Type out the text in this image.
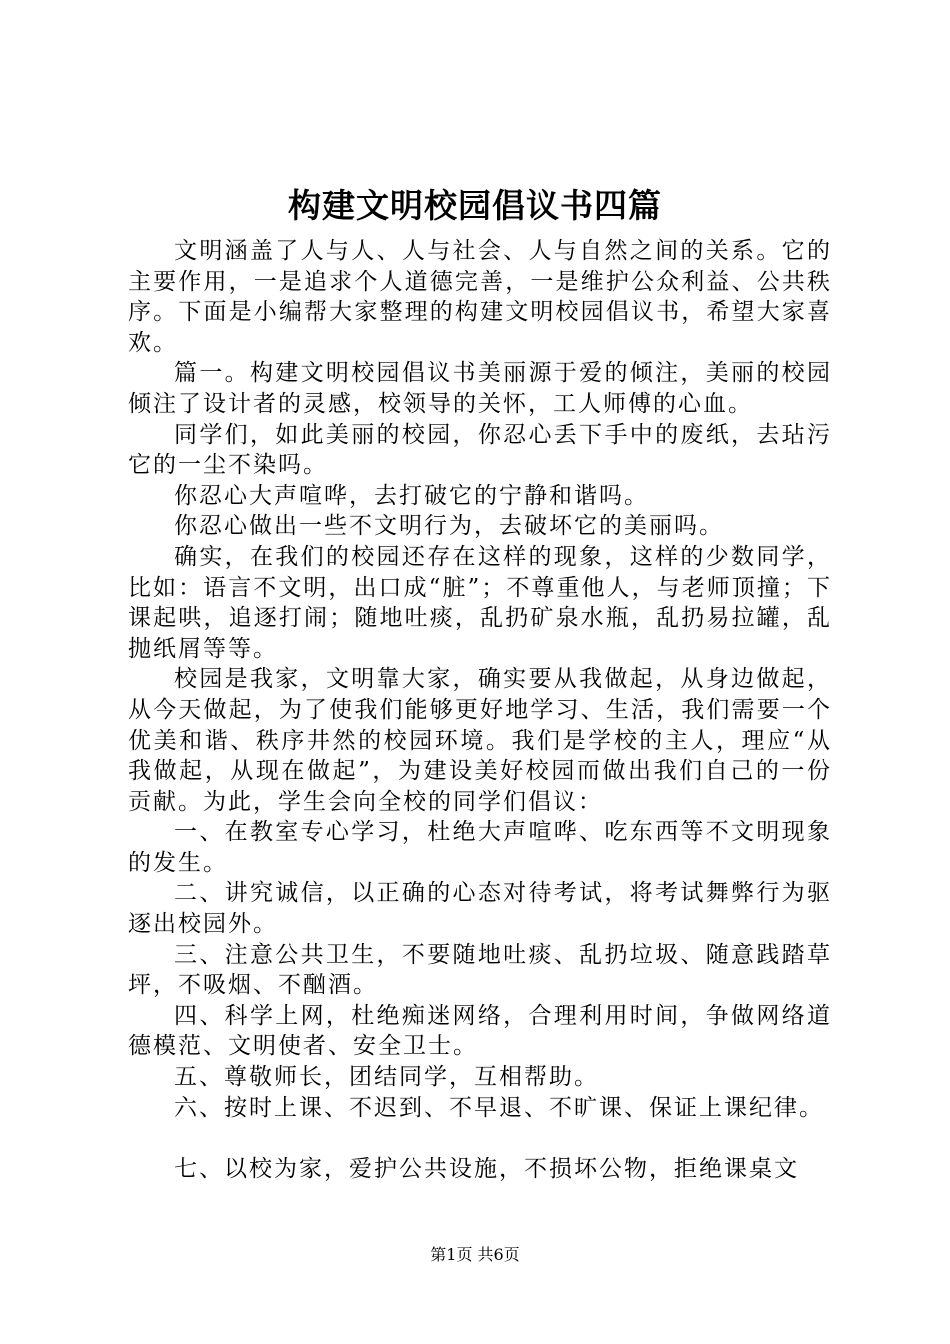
构建文明校园倡议书四篇

文明涵盖了人与人、人与社会、人与自然之间的关系。它的主要作用，一是追求个人道德完善，一是维护公众利益、公共秩序。下面是小编帮大家整理的构建文明校园倡议书，希望大家喜欢。

篇一。构建文明校园倡议书美丽源于爱的倾注，美丽的校园倾注了设计者的灵感，校领导的关怀，工人师傅的心血。

同学们，如此美丽的校园，你忍心丢下手中的废纸，去玷污它的一尘不染吗。

你忍心大声喧哗，去打破它的宁静和谐吗。

你忍心做出一些不文明行为，去破坏它的美丽吗。

确实，在我们的校园还存在这样的现象，这样的少数同学，比如：语言不文明，出口成“脏”；不尊重他人，与老师顶撞；下课起哄，追逐打闹；随地吐痰，乱扔矿泉水瓶，乱扔易拉罐，乱抛纸屑等等。

校园是我家，文明靠大家，确实要从我做起，从身边做起，从今天做起，为了使我们能够更好地学习、生活，我们需要一个优美和谐、秩序井然的校园环境。我们是学校的主人，理应“从我做起，从现在做起”，为建设美好校园而做出我们自己的一份贡献。为此，学生会向全校的同学们倡议：

一、在教室专心学习，杜绝大声喧哗、吃东西等不文明现象的发生。

二、讲究诚信，以正确的心态对待考试，将考试舞弊行为驱逐出校园外。

三、注意公共卫生，不要随地吐痰、乱扔垃圾、随意践踏草坪，不吸烟、不酗酒。

四、科学上网，杜绝痴迷网络，合理利用时间，争做网络道德模范、文明使者、安全卫士。

五、尊敬师长，团结同学，互相帮助。

六、按时上课、不迟到、不早退、不旷课、保证上课纪律。

七、以校为家，爱护公共设施，不损坏公物，拒绝课桌文

第1页 共6页
